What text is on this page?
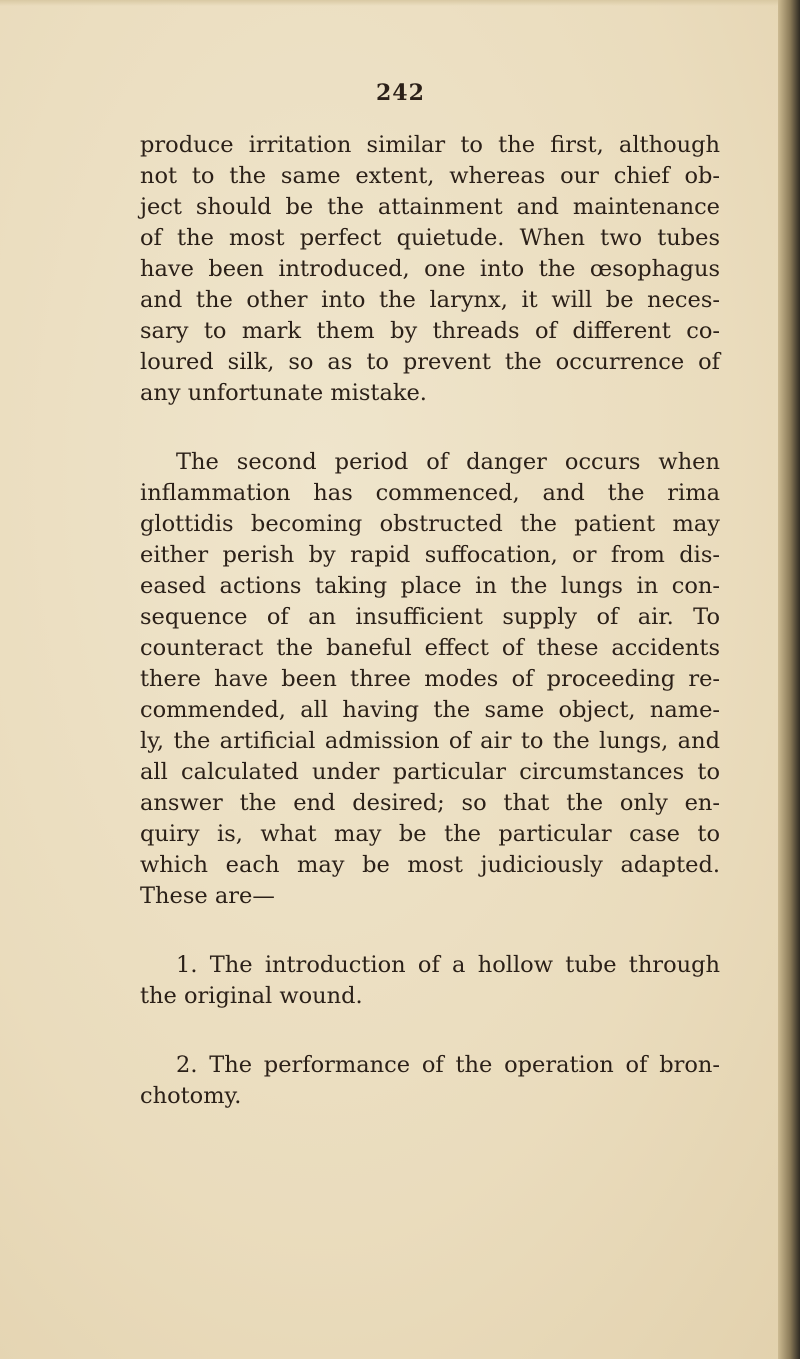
242
produce irritation similar to the first, although
not to the same extent, whereas our chief ob-
ject should be the attainment and maintenance
of the most perfect quietude. When two tubes
have been introduced, one into the œsophagus
and the other into the larynx, it will be neces-
sary to mark them by threads of different co-
loured silk, so as to prevent the occurrence of
any unfortunate mistake.
The second period of danger occurs when
inflammation has commenced, and the rima
glottidis becoming obstructed the patient may
either perish by rapid suffocation, or from dis-
eased actions taking place in the lungs in con-
sequence of an insufficient supply of air. To
counteract the baneful effect of these accidents
there have been three modes of proceeding re-
commended, all having the same object, name-
ly, the artificial admission of air to the lungs, and
all calculated under particular circumstances to
answer the end desired; so that the only en-
quiry is, what may be the particular case to
which each may be most judiciously adapted.
These are—
1. The introduction of a hollow tube through
the original wound.
2. The performance of the operation of bron-
chotomy.
